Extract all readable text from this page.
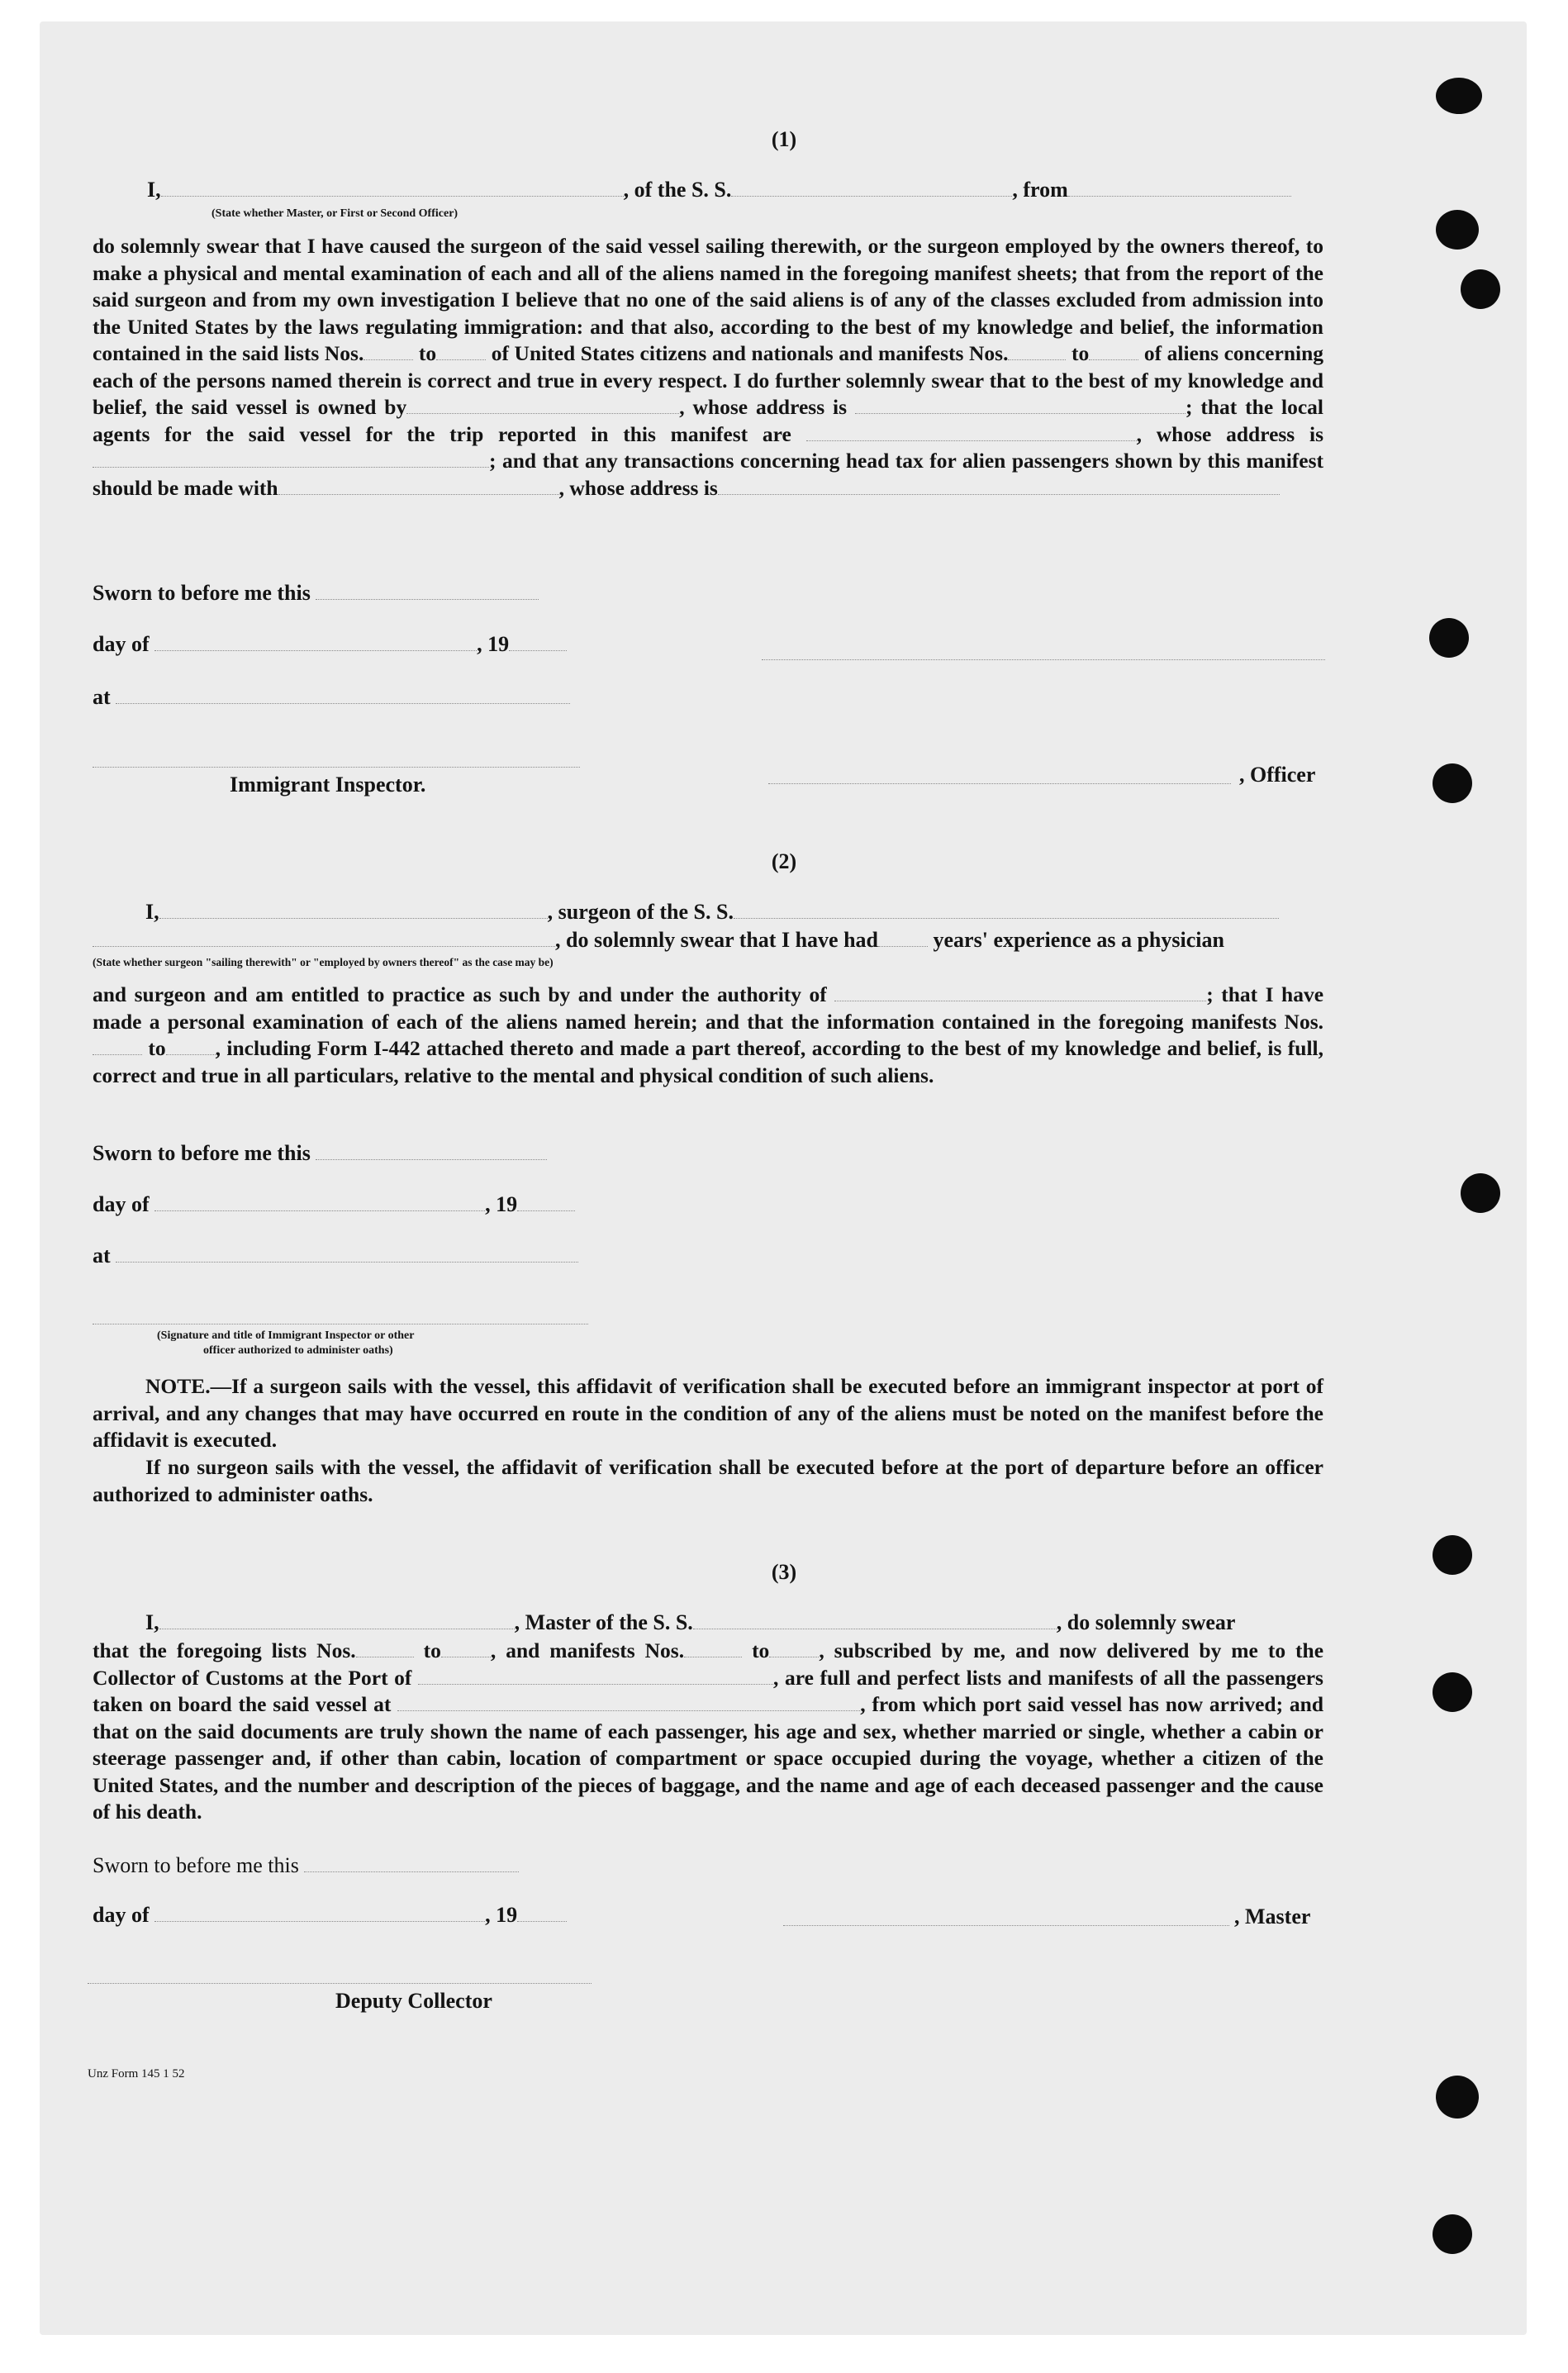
(1)
I,	, of the S. S.	, from
(State whether Master, or First or Second Officer)
do solemnly swear that I have caused the surgeon of the said vessel sailing therewith, or the surgeon employed by the owners thereof, to make a physical and mental examination of each and all of the aliens named in the foregoing manifest sheets; that from the report of the said surgeon and from my own investigation I believe that no one of the said aliens is of any of the classes excluded from admission into the United States by the laws regulating immigration: and that also, according to the best of my knowledge and belief, the information contained in the said lists Nos.	to	of United States citizens and nationals and manifests Nos.	to	of aliens concerning each of the persons named therein is correct and true in every respect. I do further solemnly swear that to the best of my knowledge and belief, the said vessel is owned by	, whose address is	; that the local agents for the said vessel for the trip reported in this manifest are	, whose address is; and that any transactions concerning head tax for alien passengers shown by this manifest should be made with	, whose address is
Sworn to before me this
day of	, 19
at
, Officer
Immigrant Inspector.
(2)
I,	, surgeon of the S. S.
, do solemnly swear that I have had	years' experience as a physician
(State whether surgeon "sailing therewith" or "employed by owners thereof" as the case may be)
and surgeon and am entitled to practice as such by and under the authority of	; that I have made a personal examination of each of the aliens named herein; and that the information contained in the foregoing manifests Nos. to , including Form I-442 attached thereto and made a part thereof, according to the best of my knowledge and belief, is full, correct and true in all particulars, relative to the mental and physical condition of such aliens.
Sworn to before me this
day of	, 19
at
(Signature and title of Immigrant Inspector or other
officer authorized to administer oaths)
NOTE.—If a surgeon sails with the vessel, this affidavit of verification shall be executed before an immigrant inspector at port of arrival, and any changes that may have occurred en route in the condition of any of the aliens must be noted on the manifest before the affidavit is executed.
If no surgeon sails with the vessel, the affidavit of verification shall be executed before at the port of departure before an officer authorized to administer oaths.
(3)
I,	, Master of the S. S.	, do solemnly swear
that the foregoing lists Nos.	to , and manifests Nos.	to , subscribed by me, and now delivered by me to the Collector of Customs at the Port of	, are full and perfect lists and manifests of all the passengers taken on board the said vessel at	, from which port said vessel has now arrived; and that on the said documents are truly shown the name of each passenger, his age and sex, whether married or single, whether a cabin or steerage passenger and, if other than cabin, location of compartment or space occupied during the voyage, whether a citizen of the United States, and the number and description of the pieces of baggage, and the name and age of each deceased passenger and the cause of his death.
Sworn to before me this
day of	, 19	, Master
Deputy Collector
Unz Form 145 1 52
